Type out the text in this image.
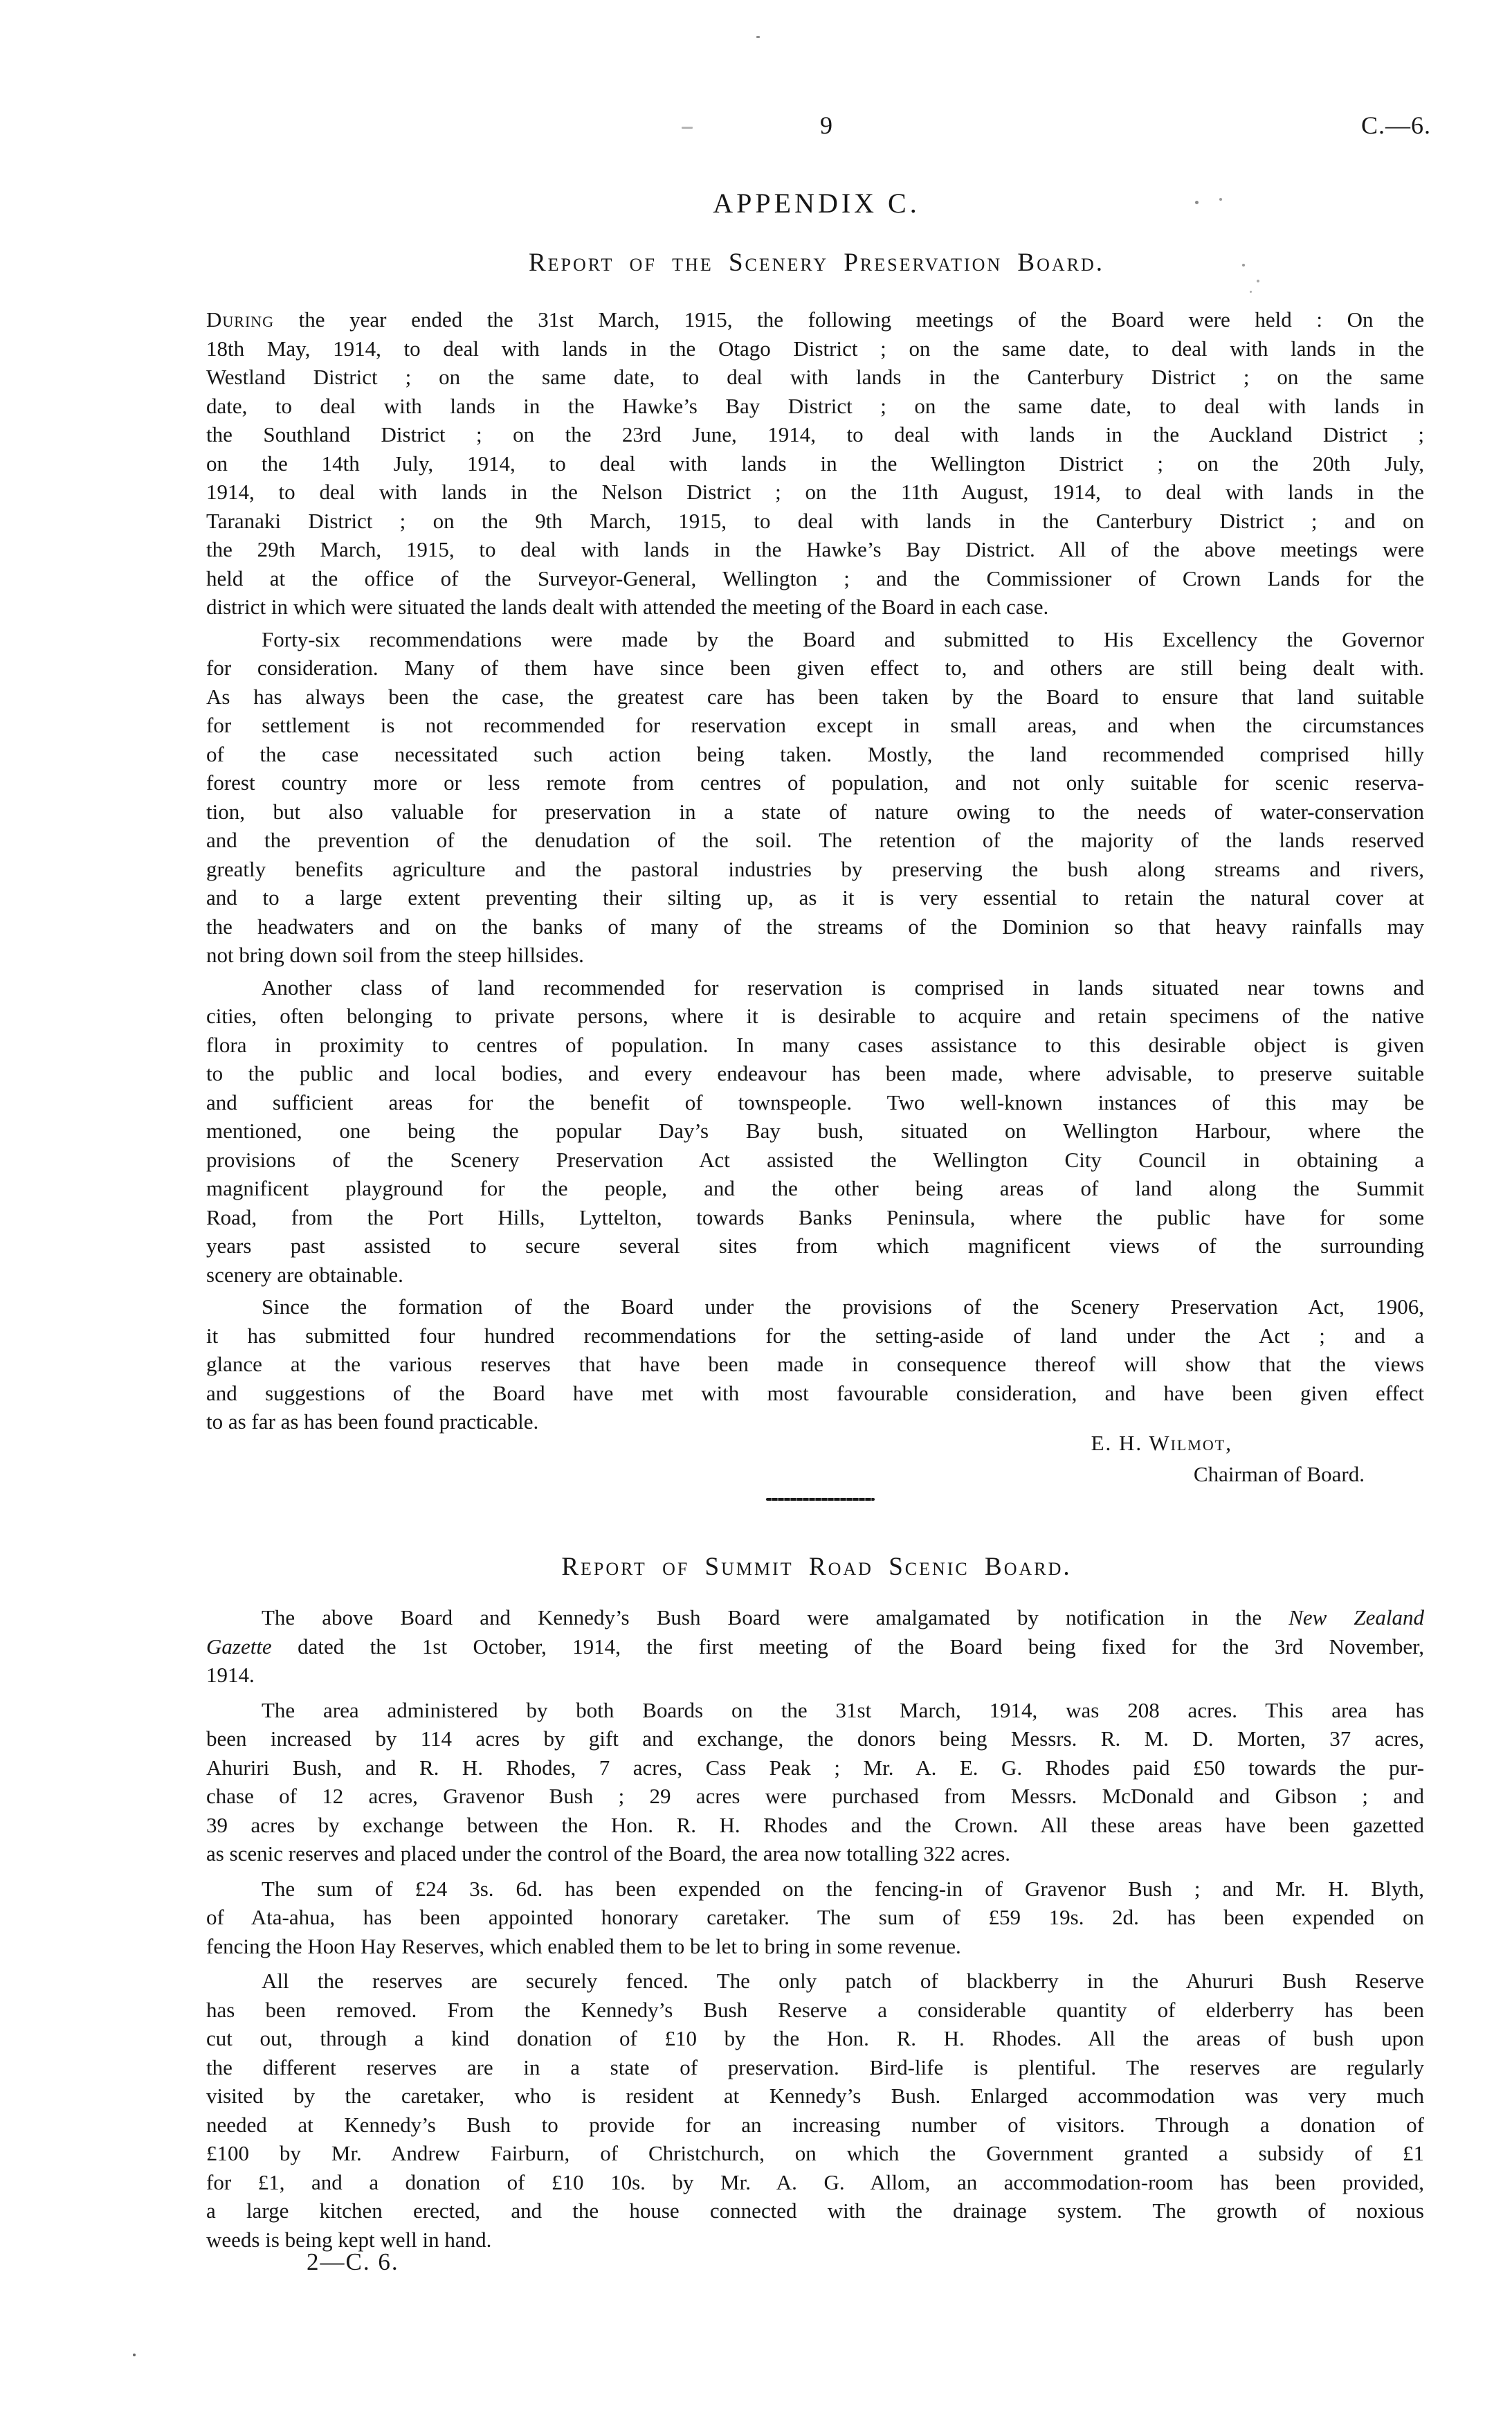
9	C.—6.
APPENDIX C.
Report of the Scenery Preservation Board.
During the year ended the 31st March, 1915, the following meetings of the Board were held : On the
18th May, 1914, to deal with lands in the Otago District ; on the same date, to deal with lands in the
Westland District ; on the same date, to deal with lands in the Canterbury District ; on the same
date, to deal with lands in the Hawke’s Bay District ; on the same date, to deal with lands in
the Southland District ; on the 23rd June, 1914, to deal with lands in the Auckland District ;
on the 14th July, 1914, to deal with lands in the Wellington District ; on the 20th July,
1914, to deal with lands in the Nelson District ; on the 11th August, 1914, to deal with lands in the
Taranaki District ; on the 9th March, 1915, to deal with lands in the Canterbury District ; and on
the 29th March, 1915, to deal with lands in the Hawke’s Bay District. All of the above meetings were
held at the office of the Surveyor-General, Wellington ; and the Commissioner of Crown Lands for the
district in which were situated the lands dealt with attended the meeting of the Board in each case.
Forty-six recommendations were made by the Board and submitted to His Excellency the Governor
for consideration. Many of them have since been given effect to, and others are still being dealt with.
As has always been the case, the greatest care has been taken by the Board to ensure that land suitable
for settlement is not recommended for reservation except in small areas, and when the circumstances
of the case necessitated such action being taken. Mostly, the land recommended comprised hilly
forest country more or less remote from centres of population, and not only suitable for scenic reserva-
tion, but also valuable for preservation in a state of nature owing to the needs of water-conservation
and the prevention of the denudation of the soil. The retention of the majority of the lands reserved
greatly benefits agriculture and the pastoral industries by preserving the bush along streams and rivers,
and to a large extent preventing their silting up, as it is very essential to retain the natural cover at
the headwaters and on the banks of many of the streams of the Dominion so that heavy rainfalls may
not bring down soil from the steep hillsides.
Another class of land recommended for reservation is comprised in lands situated near towns and
cities, often belonging to private persons, where it is desirable to acquire and retain specimens of the native
flora in proximity to centres of population. In many cases assistance to this desirable object is given
to the public and local bodies, and every endeavour has been made, where advisable, to preserve suitable
and sufficient areas for the benefit of townspeople. Two well-known instances of this may be
mentioned, one being the popular Day’s Bay bush, situated on Wellington Harbour, where the
provisions of the Scenery Preservation Act assisted the Wellington City Council in obtaining a
magnificent playground for the people, and the other being areas of land along the Summit
Road, from the Port Hills, Lyttelton, towards Banks Peninsula, where the public have for some
years past assisted to secure several sites from which magnificent views of the surrounding
scenery are obtainable.
Since the formation of the Board under the provisions of the Scenery Preservation Act, 1906,
it has submitted four hundred recommendations for the setting-aside of land under the Act ; and a
glance at the various reserves that have been made in consequence thereof will show that the views
and suggestions of the Board have met with most favourable consideration, and have been given effect
to as far as has been found practicable.
E. H. Wilmot,
Chairman of Board.
Report of Summit Road Scenic Board.
The above Board and Kennedy’s Bush Board were amalgamated by notification in the New Zealand
Gazette dated the 1st October, 1914, the first meeting of the Board being fixed for the 3rd November,
1914.
The area administered by both Boards on the 31st March, 1914, was 208 acres. This area has
been increased by 114 acres by gift and exchange, the donors being Messrs. R. M. D. Morten, 37 acres,
Ahuriri Bush, and R. H. Rhodes, 7 acres, Cass Peak ; Mr. A. E. G. Rhodes paid £50 towards the pur-
chase of 12 acres, Gravenor Bush ; 29 acres were purchased from Messrs. McDonald and Gibson ; and
39 acres by exchange between the Hon. R. H. Rhodes and the Crown. All these areas have been gazetted
as scenic reserves and placed under the control of the Board, the area now totalling 322 acres.
The sum of £24 3s. 6d. has been expended on the fencing-in of Gravenor Bush ; and Mr. H. Blyth,
of Ata-ahua, has been appointed honorary caretaker. The sum of £59 19s. 2d. has been expended on
fencing the Hoon Hay Reserves, which enabled them to be let to bring in some revenue.
All the reserves are securely fenced. The only patch of blackberry in the Ahururi Bush Reserve
has been removed. From the Kennedy’s Bush Reserve a considerable quantity of elderberry has been
cut out, through a kind donation of £10 by the Hon. R. H. Rhodes. All the areas of bush upon
the different reserves are in a state of preservation. Bird-life is plentiful. The reserves are regularly
visited by the caretaker, who is resident at Kennedy’s Bush. Enlarged accommodation was very much
needed at Kennedy’s Bush to provide for an increasing number of visitors. Through a donation of
£100 by Mr. Andrew Fairburn, of Christchurch, on which the Government granted a subsidy of £1
for £1, and a donation of £10 10s. by Mr. A. G. Allom, an accommodation-room has been provided,
a large kitchen erected, and the house connected with the drainage system. The growth of noxious
weeds is being kept well in hand.
2—C. 6.
